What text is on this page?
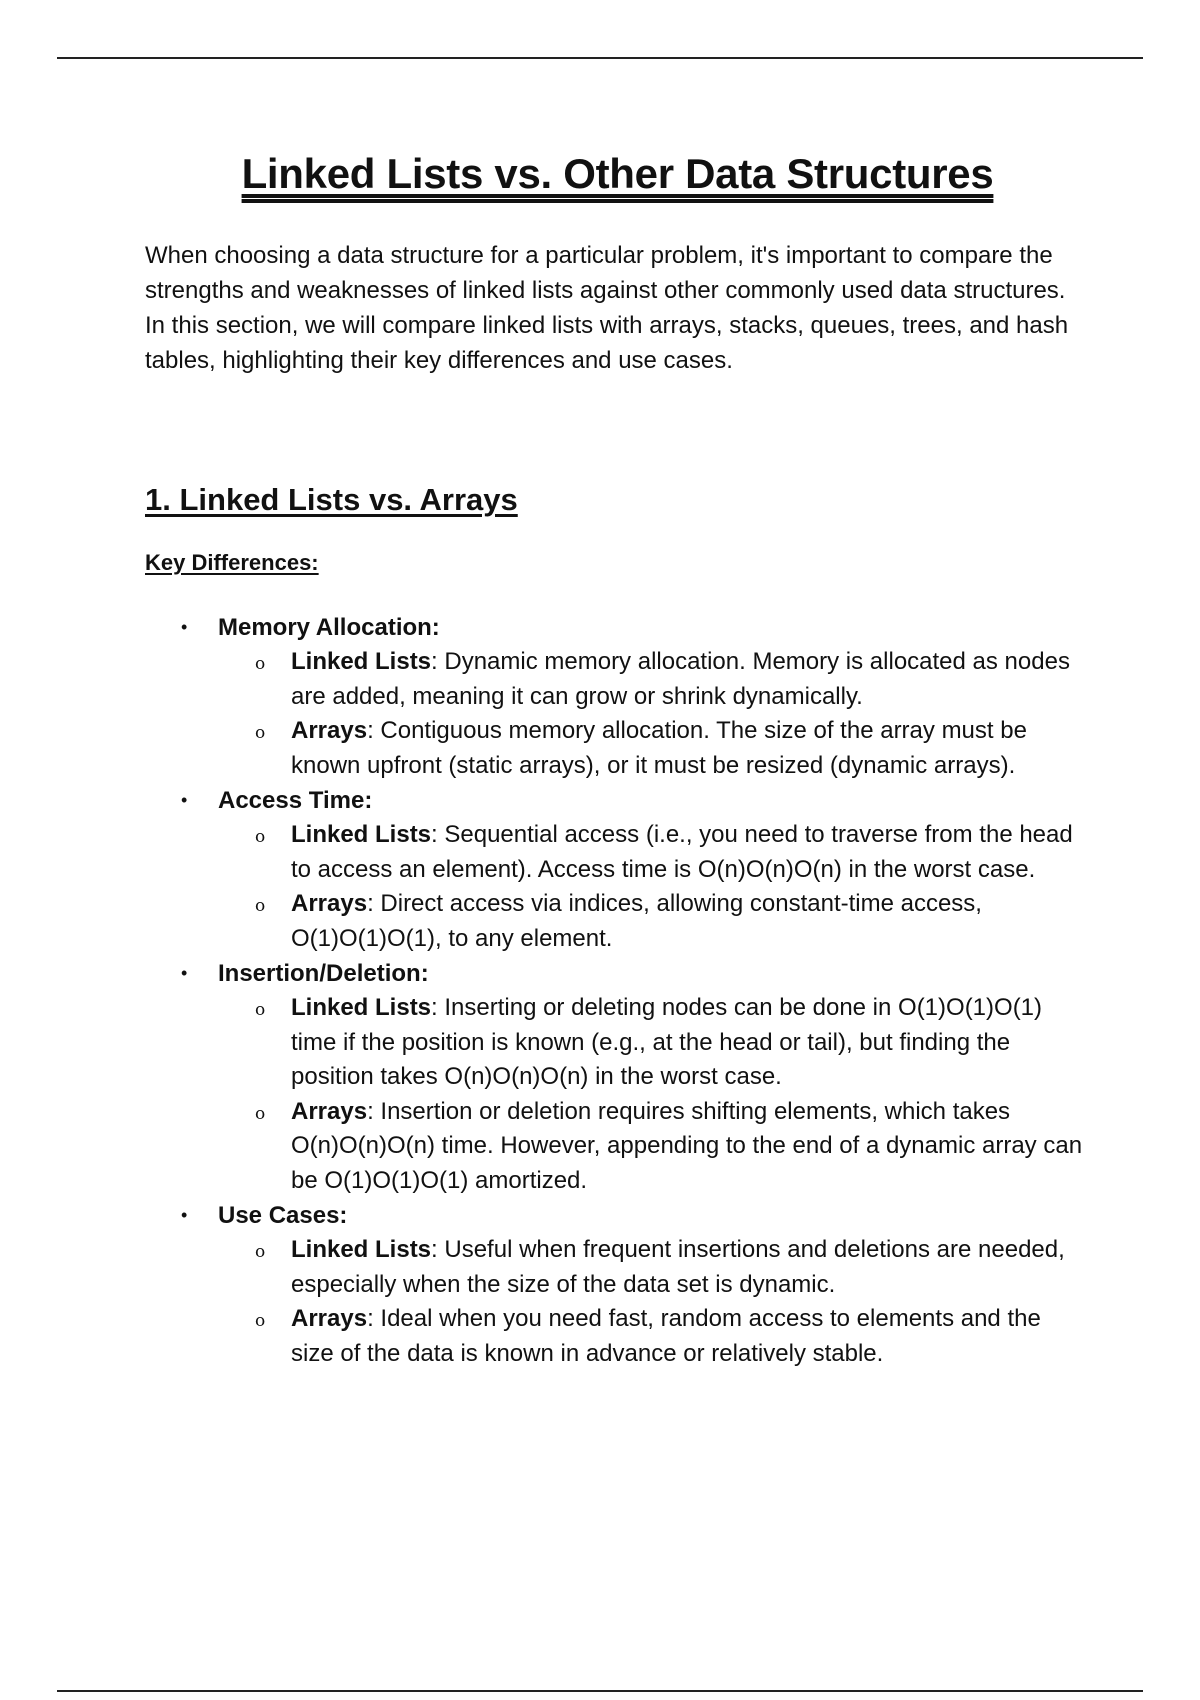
Linked Lists vs. Other Data Structures

When choosing a data structure for a particular problem, it's important to compare the strengths and weaknesses of linked lists against other commonly used data structures. In this section, we will compare linked lists with arrays, stacks, queues, trees, and hash tables, highlighting their key differences and use cases.

1. Linked Lists vs. Arrays
Key Differences:
• Memory Allocation:
o Linked Lists: Dynamic memory allocation. Memory is allocated as nodes are added, meaning it can grow or shrink dynamically.
o Arrays: Contiguous memory allocation. The size of the array must be known upfront (static arrays), or it must be resized (dynamic arrays).
• Access Time:
o Linked Lists: Sequential access (i.e., you need to traverse from the head to access an element). Access time is O(n)O(n)O(n) in the worst case.
o Arrays: Direct access via indices, allowing constant-time access, O(1)O(1)O(1), to any element.
• Insertion/Deletion:
o Linked Lists: Inserting or deleting nodes can be done in O(1)O(1)O(1) time if the position is known (e.g., at the head or tail), but finding the position takes O(n)O(n)O(n) in the worst case.
o Arrays: Insertion or deletion requires shifting elements, which takes O(n)O(n)O(n) time. However, appending to the end of a dynamic array can be O(1)O(1)O(1) amortized.
• Use Cases:
o Linked Lists: Useful when frequent insertions and deletions are needed, especially when the size of the data set is dynamic.
o Arrays: Ideal when you need fast, random access to elements and the size of the data is known in advance or relatively stable.
